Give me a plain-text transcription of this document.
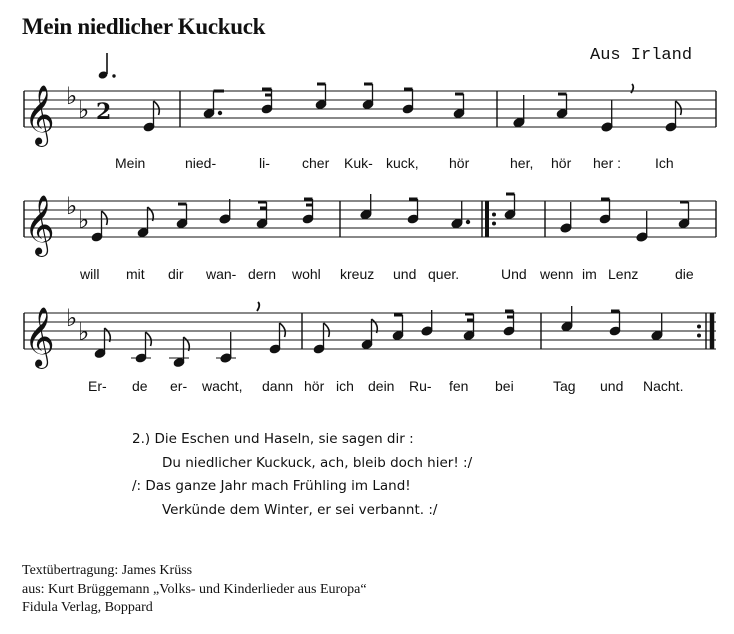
Mein niedlicher Kuckuck
Aus Irland
𝄞 ♭ ♭ 2
𝄞 ♭ ♭
𝄞 ♭ ♭
Mein	nied-	li- cher Kuk- kuck, hör	her, hör her : Ich
will mit dir wan- dern wohl kreuz und quer.	Und wenn im Lenz	die
Er- de er- wacht, dann hör ich dein Ru- fen bei	Tag und Nacht.
2.) Die Eschen und Haseln, sie sagen dir :
Du niedlicher Kuckuck, ach, bleib doch hier! :/
/: Das ganze Jahr mach Frühling im Land!
Verkünde dem Winter, er sei verbannt. :/
Textübertragung: James Krüss
aus: Kurt Brüggemann „Volks- und Kinderlieder aus Europa“
Fidula Verlag, Boppard
